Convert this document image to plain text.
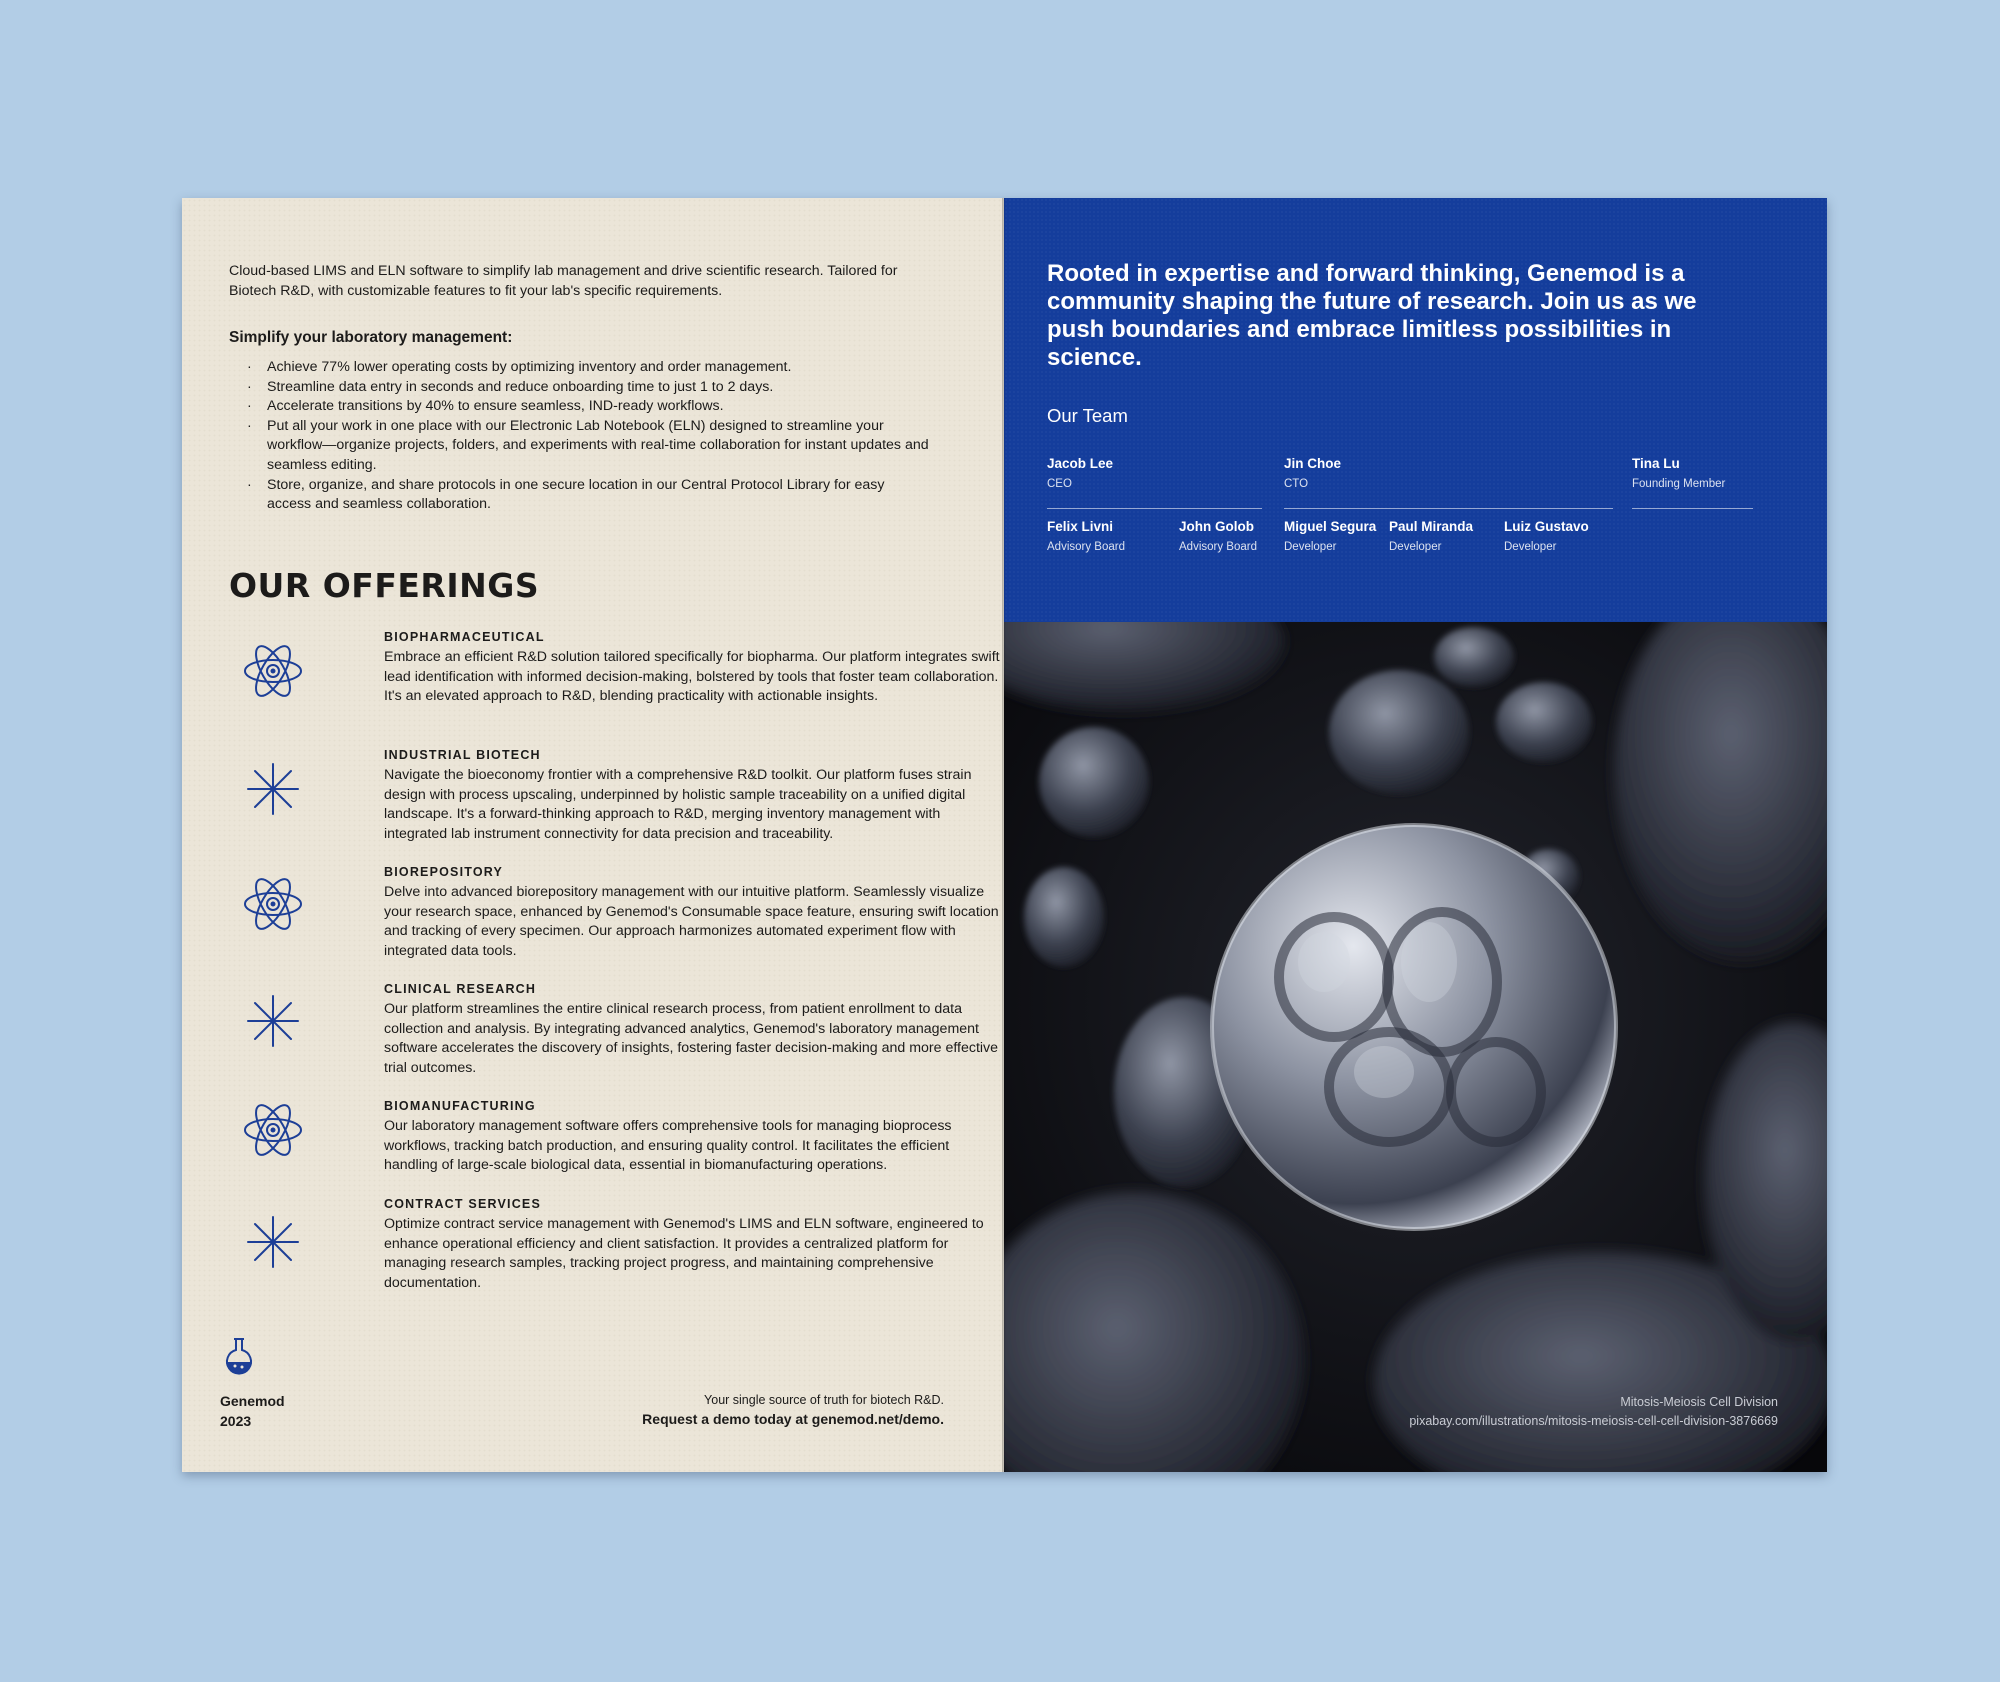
Cloud-based LIMS and ELN software to simplify lab management and drive scientific research. Tailored for Biotech R&D, with customizable features to fit your lab's specific requirements.
Simplify your laboratory management:
· Achieve 77% lower operating costs by optimizing inventory and order management.
· Streamline data entry in seconds and reduce onboarding time to just 1 to 2 days.
· Accelerate transitions by 40% to ensure seamless, IND-ready workflows.
· Put all your work in one place with our Electronic Lab Notebook (ELN) designed to streamline your workflow—organize projects, folders, and experiments with real-time collaboration for instant updates and seamless editing.
· Store, organize, and share protocols in one secure location in our Central Protocol Library for easy access and seamless collaboration.
OUR OFFERINGS
BIOPHARMACEUTICAL
Embrace an efficient R&D solution tailored specifically for biopharma. Our platform integrates swift lead identification with informed decision-making, bolstered by tools that foster team collaboration. It's an elevated approach to R&D, blending practicality with actionable insights.
INDUSTRIAL BIOTECH
Navigate the bioeconomy frontier with a comprehensive R&D toolkit. Our platform fuses strain design with process upscaling, underpinned by holistic sample traceability on a unified digital landscape. It's a forward-thinking approach to R&D, merging inventory management with integrated lab instrument connectivity for data precision and traceability.
BIOREPOSITORY
Delve into advanced biorepository management with our intuitive platform. Seamlessly visualize your research space, enhanced by Genemod's Consumable space feature, ensuring swift location and tracking of every specimen. Our approach harmonizes automated experiment flow with integrated data tools.
CLINICAL RESEARCH
Our platform streamlines the entire clinical research process, from patient enrollment to data collection and analysis. By integrating advanced analytics, Genemod's laboratory management software accelerates the discovery of insights, fostering faster decision-making and more effective trial outcomes.
BIOMANUFACTURING
Our laboratory management software offers comprehensive tools for managing bioprocess workflows, tracking batch production, and ensuring quality control. It facilitates the efficient handling of large-scale biological data, essential in biomanufacturing operations.
CONTRACT SERVICES
Optimize contract service management with Genemod's LIMS and ELN software, engineered to enhance operational efficiency and client satisfaction. It provides a centralized platform for managing research samples, tracking project progress, and maintaining comprehensive documentation.
Genemod
2023
Your single source of truth for biotech R&D.
Request a demo today at genemod.net/demo.
Rooted in expertise and forward thinking, Genemod is a community shaping the future of research. Join us as we push boundaries and embrace limitless possibilities in science.
Our Team
Jacob Lee
CEO
Jin Choe
CTO
Tina Lu
Founding Member
Felix Livni
Advisory Board
John Golob
Advisory Board
Miguel Segura
Developer
Paul Miranda
Developer
Luiz Gustavo
Developer
Mitosis-Meiosis Cell Division
pixabay.com/illustrations/mitosis-meiosis-cell-cell-division-3876669
